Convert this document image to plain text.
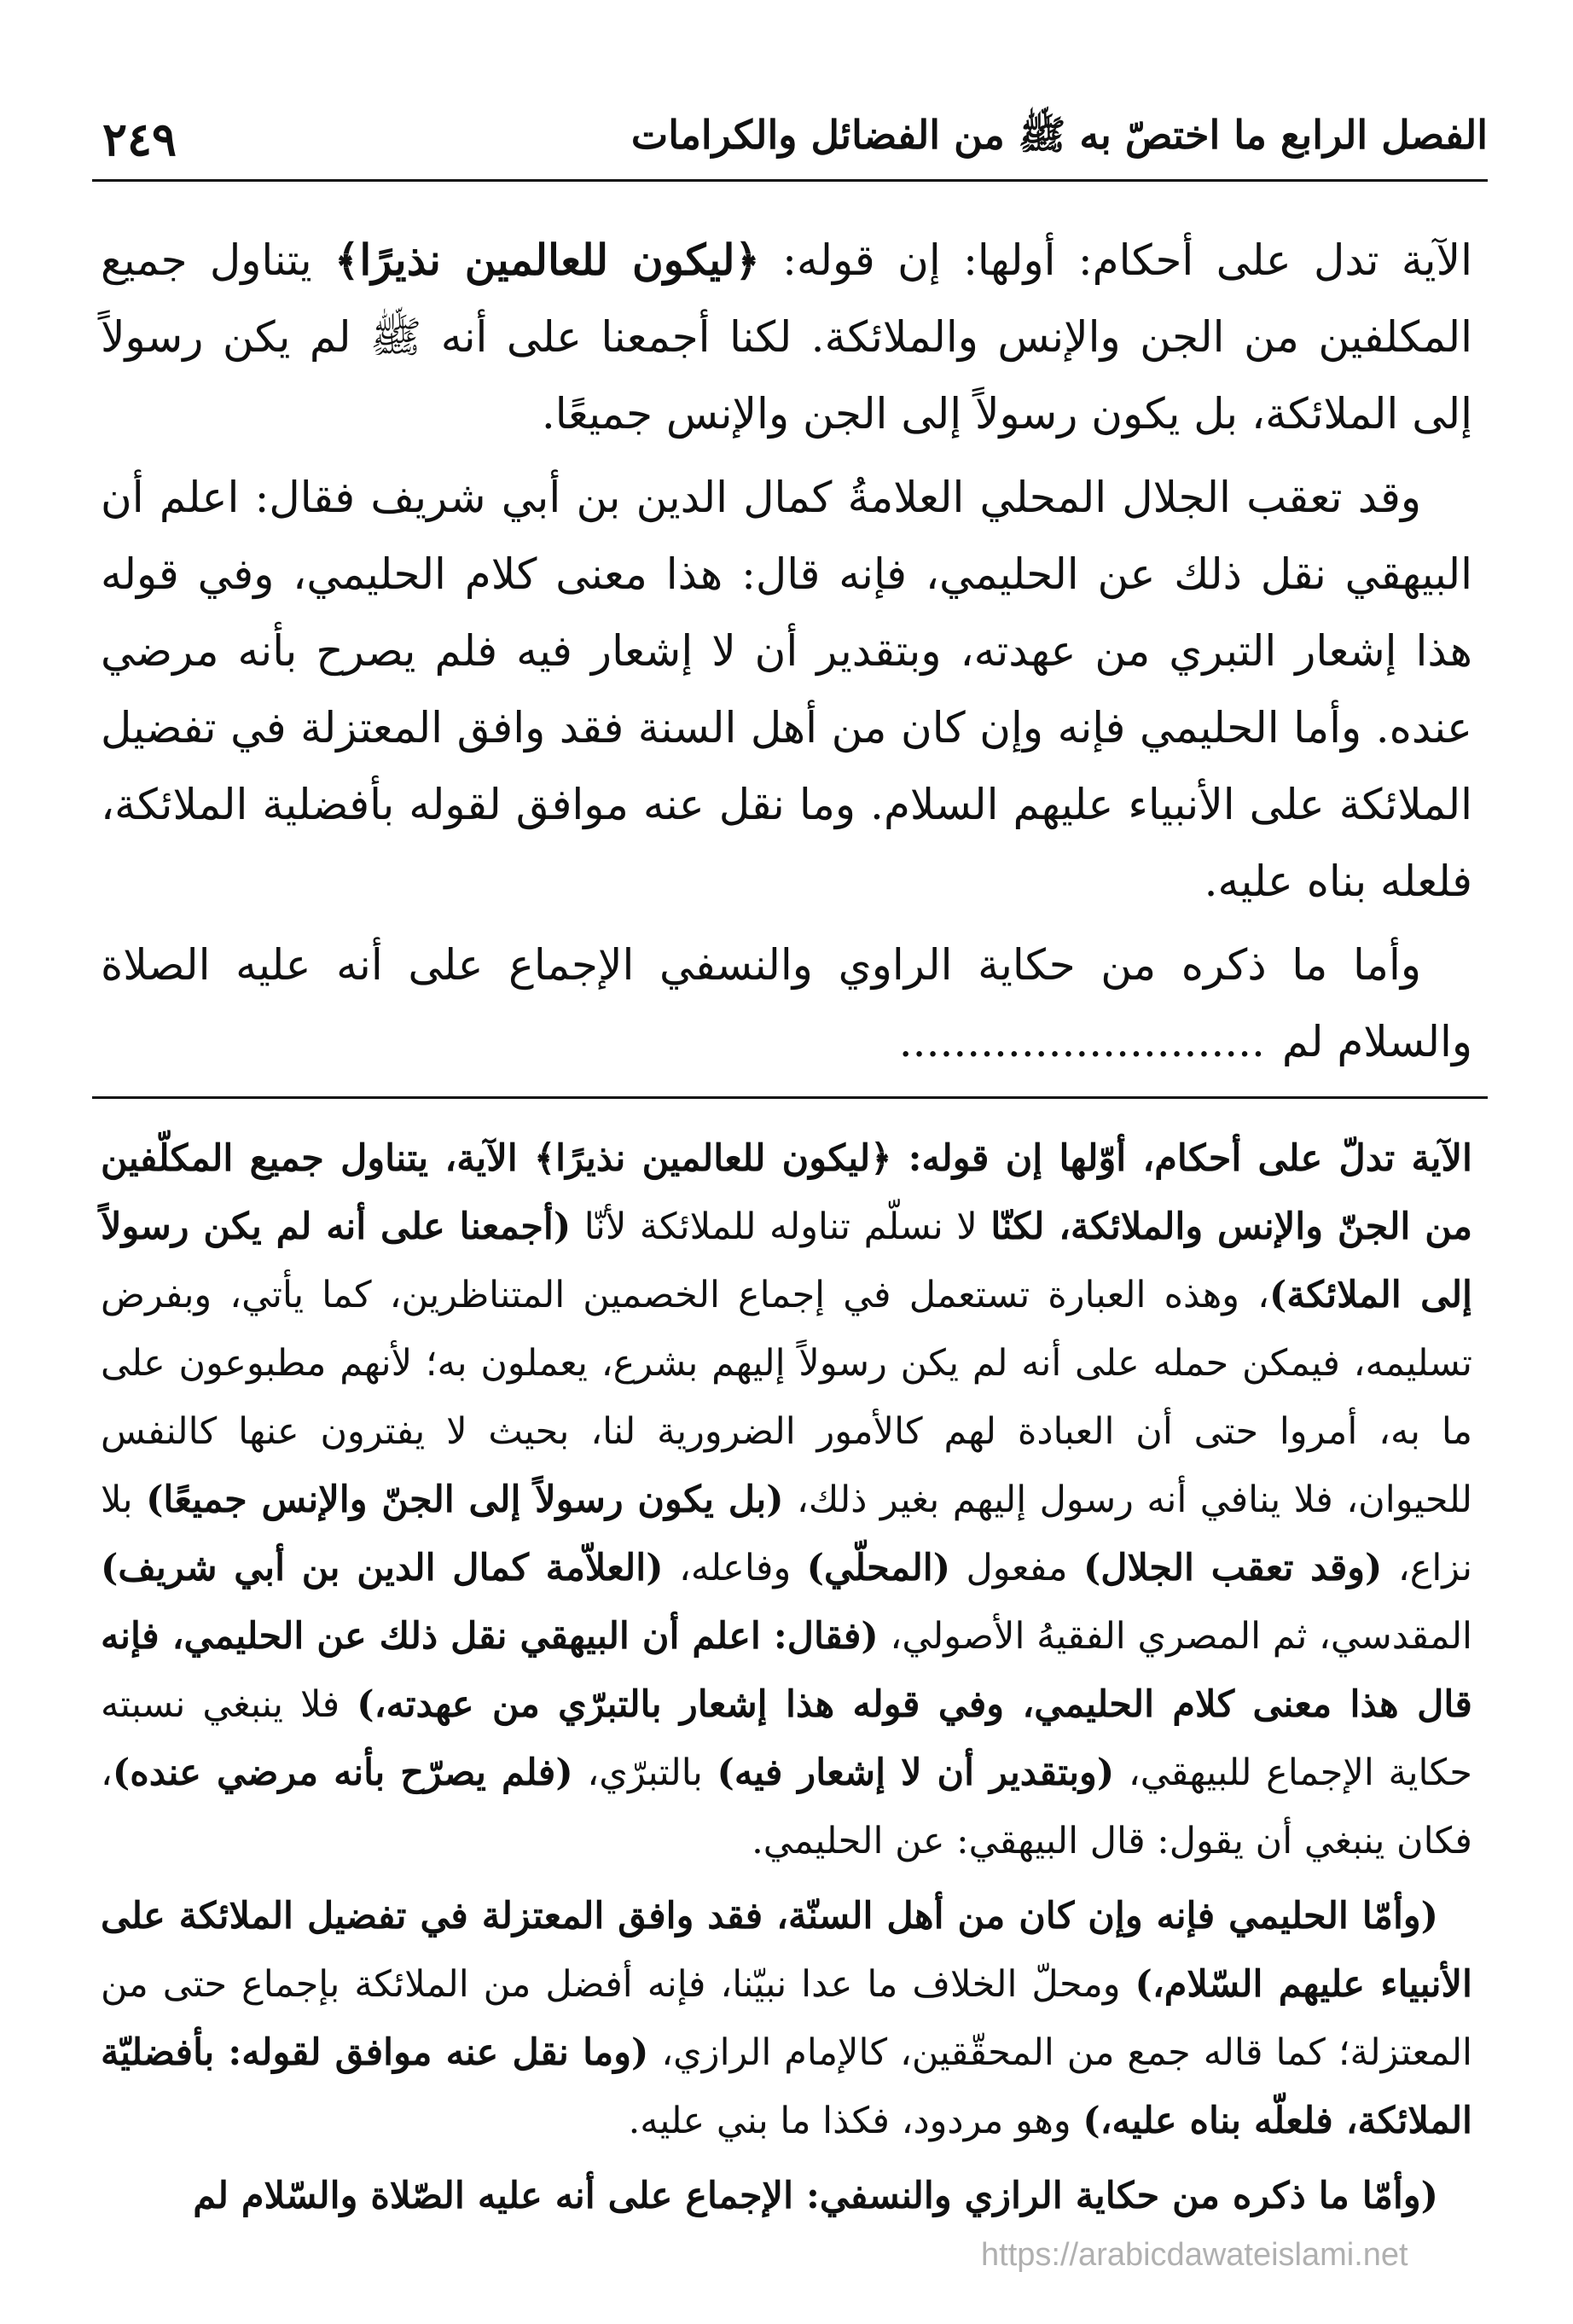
الفصل الرابع ما اختصّ به ﷺ من الفضائل والكرامات
٢٤٩

الآية تدل على أحكام: أولها: إن قوله: ﴿ليكون للعالمين نذيرًا﴾ يتناول جميع المكلفين من الجن والإنس والملائكة. لكنا أجمعنا على أنه ﷺ لم يكن رسولاً إلى الملائكة، بل يكون رسولاً إلى الجن والإنس جميعًا.

وقد تعقب الجلال المحلي العلامةُ كمال الدين بن أبي شريف فقال: اعلم أن البيهقي نقل ذلك عن الحليمي، فإنه قال: هذا معنى كلام الحليمي، وفي قوله هذا إشعار التبري من عهدته، وبتقدير أن لا إشعار فيه فلم يصرح بأنه مرضي عنده. وأما الحليمي فإنه وإن كان من أهل السنة فقد وافق المعتزلة في تفضيل الملائكة على الأنبياء عليهم السلام. وما نقل عنه موافق لقوله بأفضلية الملائكة، فلعله بناه عليه.

وأما ما ذكره من حكاية الراوي والنسفي الإجماع على أنه عليه الصلاة والسلام لم...........................

الآية تدلّ على أحكام، أوّلها إن قوله: ﴿ليكون للعالمين نذيرًا﴾ الآية، يتناول جميع المكلّفين من الجنّ والإنس والملائكة، لكنّا لا نسلّم تناوله للملائكة لأنّا (أجمعنا على أنه لم يكن رسولاً إلى الملائكة)، وهذه العبارة تستعمل في إجماع الخصمين المتناظرين، كما يأتي، وبفرض تسليمه، فيمكن حمله على أنه لم يكن رسولاً إليهم بشرع، يعملون به؛ لأنهم مطبوعون على ما به، أمروا حتى أن العبادة لهم كالأمور الضرورية لنا، بحيث لا يفترون عنها كالنفس للحيوان، فلا ينافي أنه رسول إليهم بغير ذلك، (بل يكون رسولاً إلى الجنّ والإنس جميعًا) بلا نزاع، (وقد تعقب الجلال) مفعول (المحلّي) وفاعله، (العلاّمة كمال الدين بن أبي شريف) المقدسي، ثم المصري الفقيهُ الأصولي، (فقال: اعلم أن البيهقي نقل ذلك عن الحليمي، فإنه قال هذا معنى كلام الحليمي، وفي قوله هذا إشعار بالتبرّي من عهدته،) فلا ينبغي نسبته حكاية الإجماع للبيهقي، (وبتقدير أن لا إشعار فيه) بالتبرّي، (فلم يصرّح بأنه مرضي عنده)، فكان ينبغي أن يقول: قال البيهقي: عن الحليمي.

(وأمّا الحليمي فإنه وإن كان من أهل السنّة، فقد وافق المعتزلة في تفضيل الملائكة على الأنبياء عليهم السّلام،) ومحلّ الخلاف ما عدا نبيّنا، فإنه أفضل من الملائكة بإجماع حتى من المعتزلة؛ كما قاله جمع من المحقّقين، كالإمام الرازي، (وما نقل عنه موافق لقوله: بأفضليّة الملائكة، فلعلّه بناه عليه،) وهو مردود، فكذا ما بني عليه.

(وأمّا ما ذكره من حكاية الرازي والنسفي: الإجماع على أنه عليه الصّلاة والسّلام لم

https://arabicdawateislami.net
